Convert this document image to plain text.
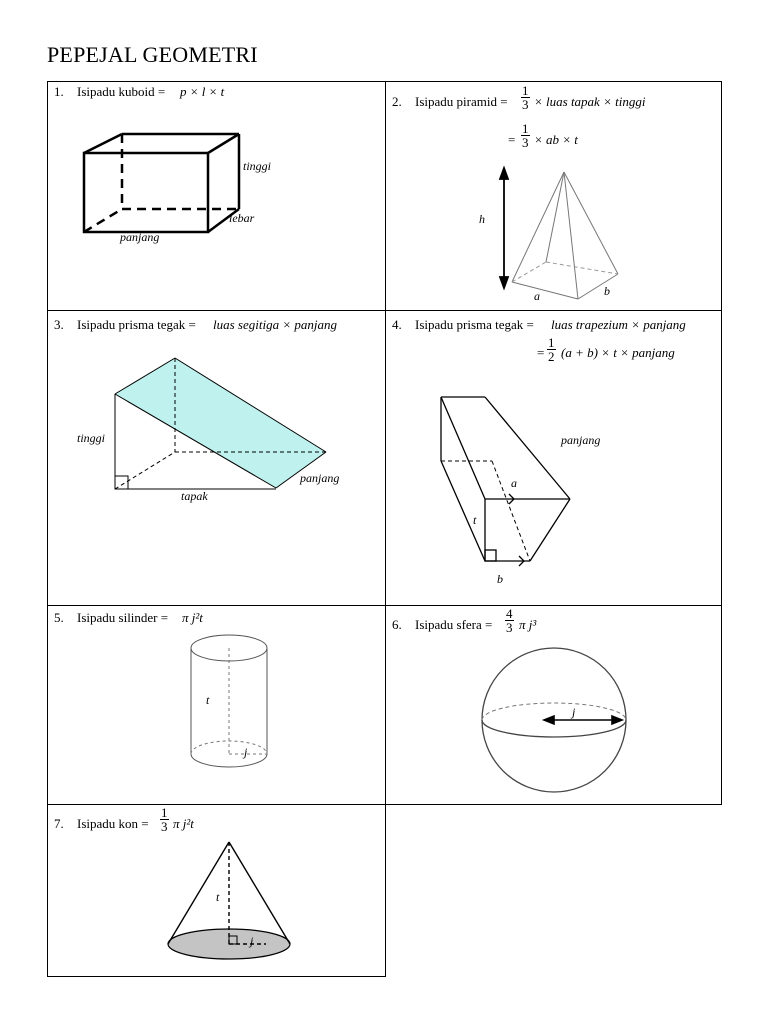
PEPEJAL GEOMETRI
1. Isipadu kuboid = p × l × t
tinggi
lebar
panjang
2. Isipadu piramid = $\frac{1}{3}$ × luas tapak × tinggi
= $\frac{1}{3}$ × ab × t
h
a	b
3. Isipadu prisma tegak = luas segitiga × panjang
tinggi
tapak
panjang
4. Isipadu prisma tegak = luas trapezium × panjang
= $\frac{1}{2} (a + b) \times t$ × panjang
panjang
a
t
b
5. Isipadu silinder = π j²t
t
j
6. Isipadu sfera = $\frac{4}{3}$ π j³
j
7. Isipadu kon = $\frac{1}{3}$ π j²t
t
j
